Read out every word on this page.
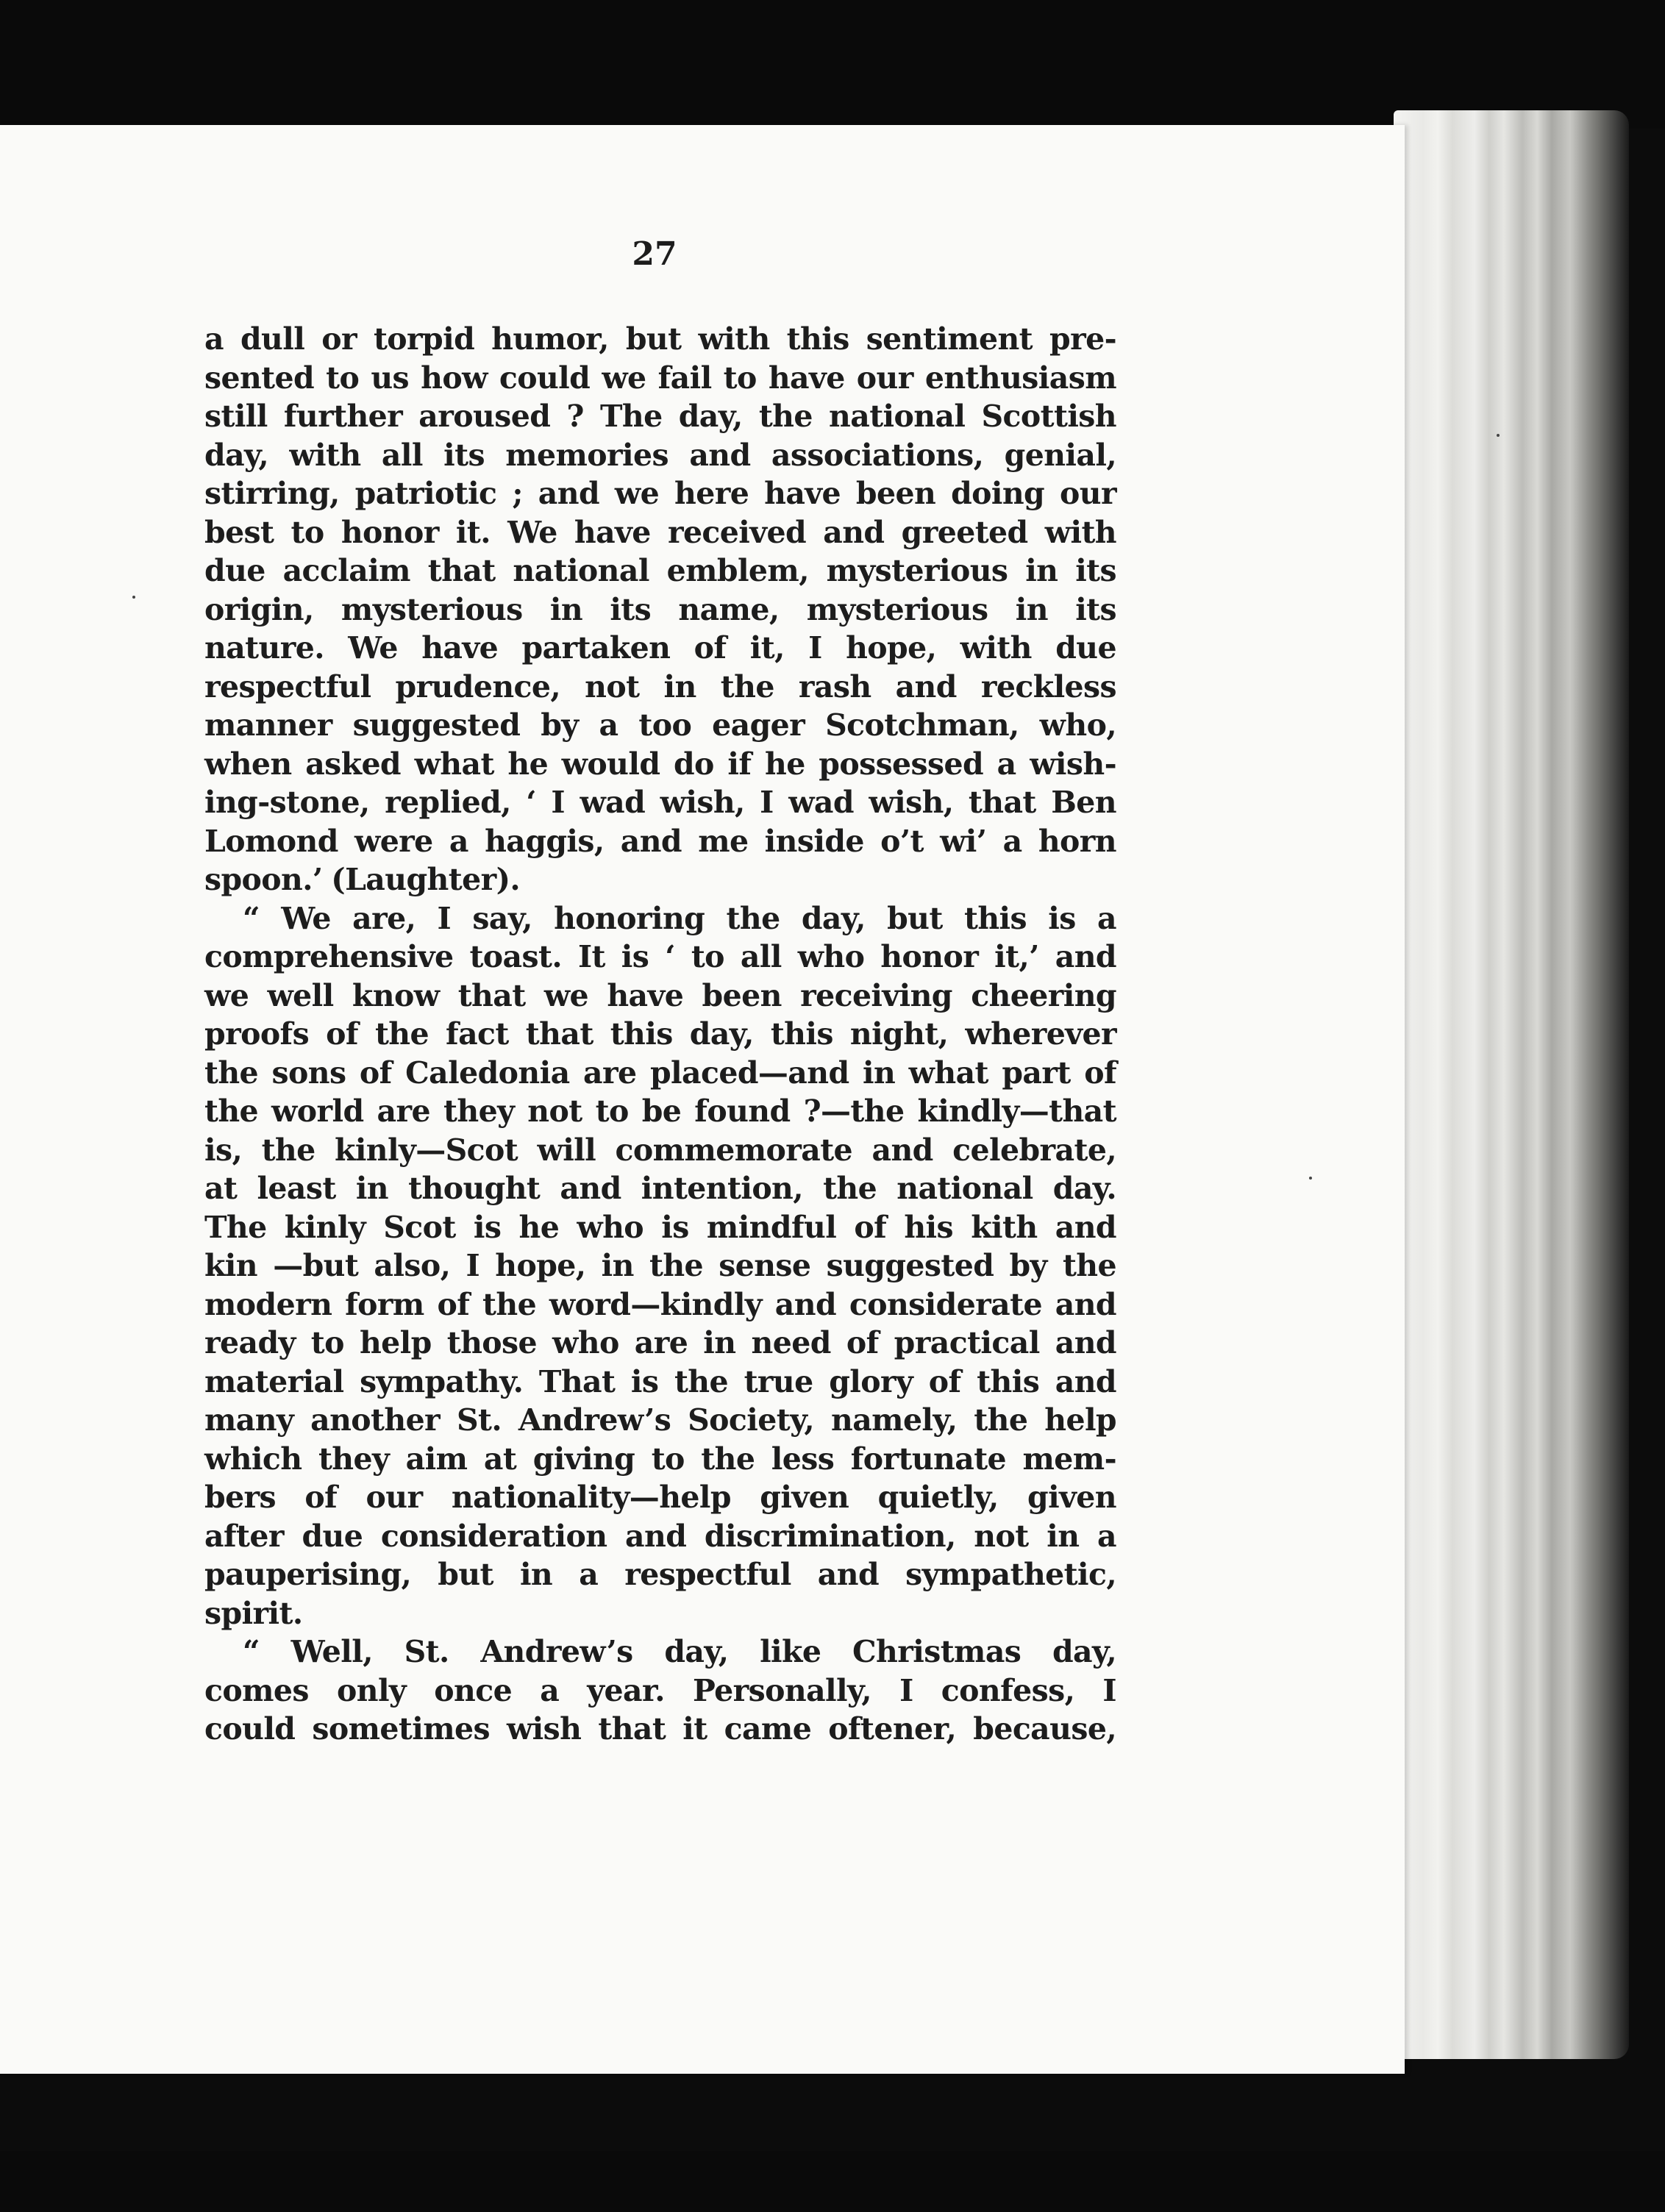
27
a dull or torpid humor, but with this sentiment pre-
sented to us how could we fail to have our enthusiasm
still further aroused ? The day, the national Scottish
day, with all its memories and associations, genial,
stirring, patriotic ; and we here have been doing our
best to honor it. We have received and greeted with
due acclaim that national emblem, mysterious in its
origin, mysterious in its name, mysterious in its
nature. We have partaken of it, I hope, with due
respectful prudence, not in the rash and reckless
manner suggested by a too eager Scotchman, who,
when asked what he would do if he possessed a wish-
ing-stone, replied, ‘ I wad wish, I wad wish, that Ben
Lomond were a haggis, and me inside o’t wi’ a horn
spoon.’ (Laughter).
“ We are, I say, honoring the day, but this is a
comprehensive toast. It is ‘ to all who honor it,’ and
we well know that we have been receiving cheering
proofs of the fact that this day, this night, wherever
the sons of Caledonia are placed—and in what part of
the world are they not to be found ?—the kindly—that
is, the kinly—Scot will commemorate and celebrate,
at least in thought and intention, the national day.
The kinly Scot is he who is mindful of his kith and
kin —but also, I hope, in the sense suggested by the
modern form of the word—kindly and considerate and
ready to help those who are in need of practical and
material sympathy. That is the true glory of this and
many another St. Andrew’s Society, namely, the help
which they aim at giving to the less fortunate mem-
bers of our nationality—help given quietly, given
after due consideration and discrimination, not in a
pauperising, but in a respectful and sympathetic,
spirit.
“ Well, St. Andrew’s day, like Christmas day,
comes only once a year. Personally, I confess, I
could sometimes wish that it came oftener, because,
